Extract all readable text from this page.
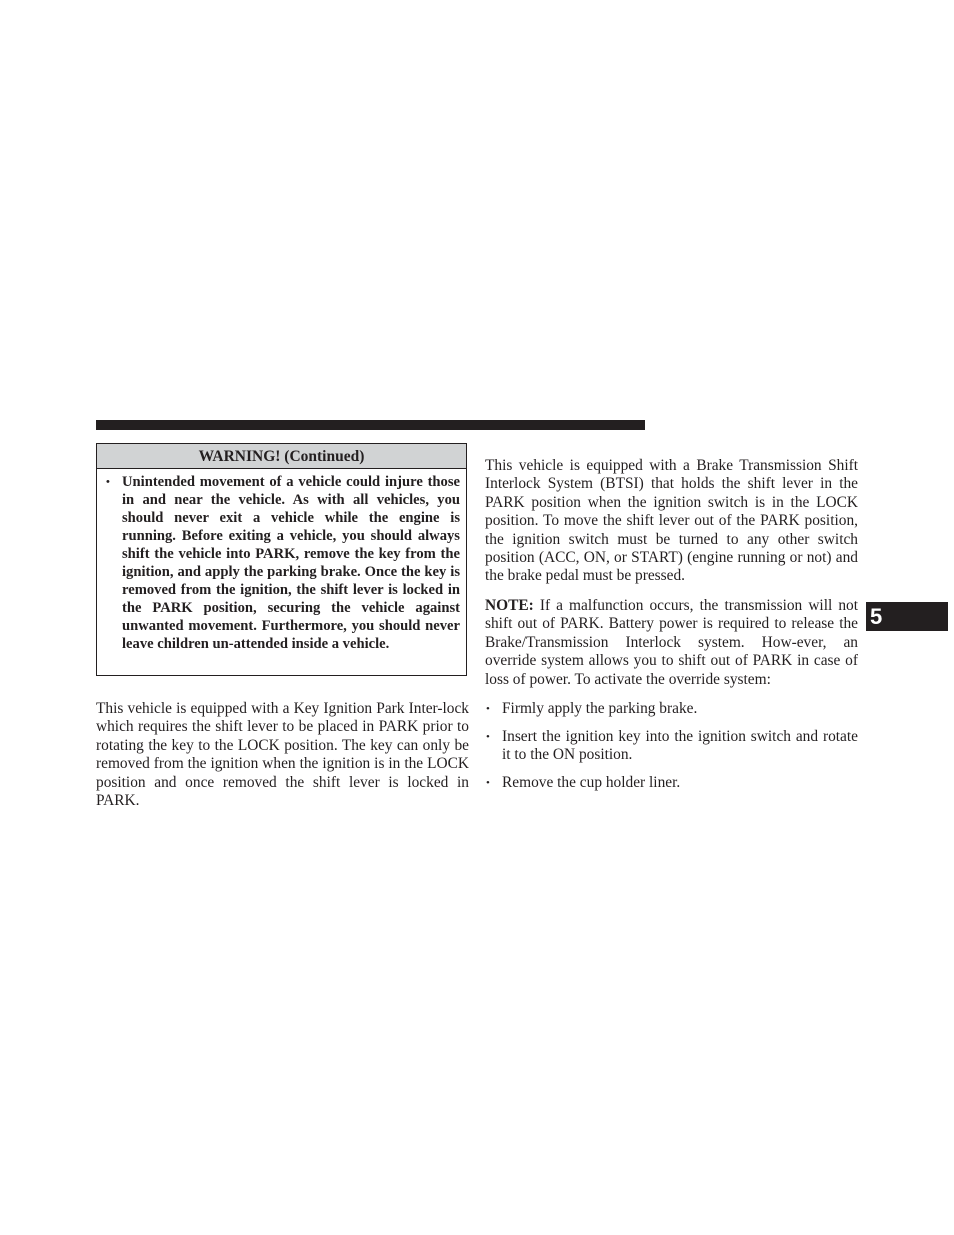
WARNING! (Continued)
• Unintended movement of a vehicle could injure those in and near the vehicle. As with all vehicles, you should never exit a vehicle while the engine is running. Before exiting a vehicle, you should always shift the vehicle into PARK, remove the key from the ignition, and apply the parking brake. Once the key is removed from the ignition, the shift lever is locked in the PARK position, securing the vehicle against unwanted movement. Furthermore, you should never leave children un-attended inside a vehicle.

This vehicle is equipped with a Key Ignition Park Inter-lock which requires the shift lever to be placed in PARK prior to rotating the key to the LOCK position. The key can only be removed from the ignition when the ignition is in the LOCK position and once removed the shift lever is locked in PARK.

This vehicle is equipped with a Brake Transmission Shift Interlock System (BTSI) that holds the shift lever in the PARK position when the ignition switch is in the LOCK position. To move the shift lever out of the PARK position, the ignition switch must be turned to any other switch position (ACC, ON, or START) (engine running or not) and the brake pedal must be pressed.

NOTE: If a malfunction occurs, the transmission will not shift out of PARK. Battery power is required to release the Brake/Transmission Interlock system. How-ever, an override system allows you to shift out of PARK in case of loss of power. To activate the override system:

• Firmly apply the parking brake.
• Insert the ignition key into the ignition switch and rotate it to the ON position.
• Remove the cup holder liner.
5
